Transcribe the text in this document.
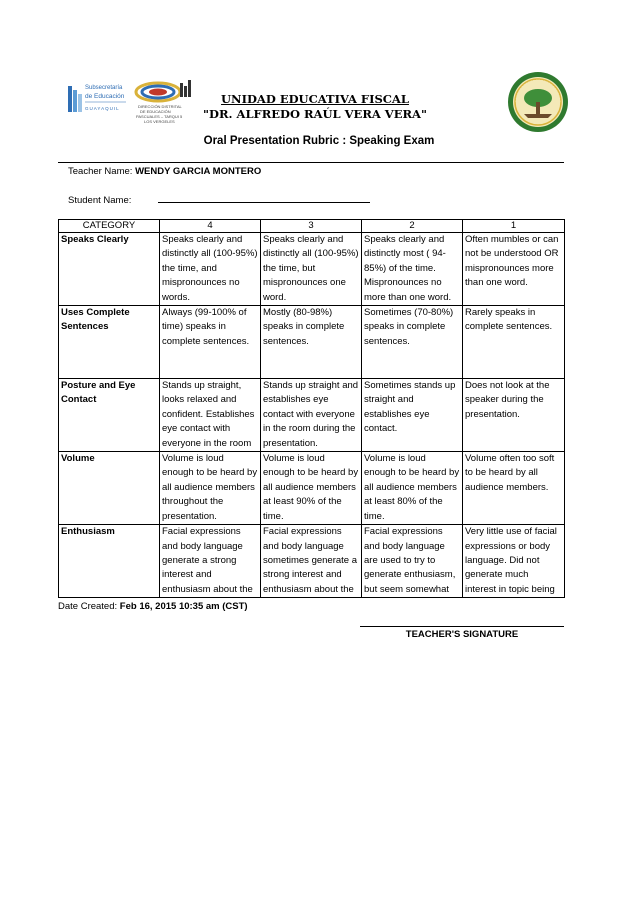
Subsecretaría
de Educación
GUAYAQUIL	DIRECCIÓN DISTRITAL
DE EDUCACIÓN
PASCUALES – TARQUI 5
LOS VERGELES
UNIDAD EDUCATIVA FISCAL
"DR. ALFREDO RAÚL VERA VERA"
Oral Presentation Rubric : Speaking Exam
Teacher Name: WENDY GARCIA MONTERO
Student Name:
CATEGORY	4	3	2	1

Speaks Clearly	Speaks clearly and distinctly all (100-95%) the time, and mispronounces no words.	Speaks clearly and distinctly all (100-95%) the time, but mispronounces one word.	Speaks clearly and distinctly most ( 94-85%) of the time. Mispronounces no more than one word.	Often mumbles or can not be understood OR mispronounces more than one word.

Uses Complete Sentences	Always (99-100% of time) speaks in complete sentences.	Mostly (80-98%) speaks in complete sentences.	Sometimes (70-80%) speaks in complete sentences.	Rarely speaks in complete sentences.

Posture and Eye Contact	Stands up straight, looks relaxed and confident. Establishes eye contact with everyone in the room	Stands up straight and establishes eye contact with everyone in the room during the presentation.	Sometimes stands up straight and establishes eye contact.	Does not look at the speaker during the presentation.

Volume	Volume is loud enough to be heard by all audience members throughout the presentation.	Volume is loud enough to be heard by all audience members at least 90% of the time.	Volume is loud enough to be heard by all audience members at least 80% of the time.	Volume often too soft to be heard by all audience members.

Enthusiasm	Facial expressions and body language generate a strong interest and enthusiasm about the	Facial expressions and body language sometimes generate a strong interest and enthusiasm about the	Facial expressions and body language are used to try to generate enthusiasm, but seem somewhat	Very little use of facial expressions or body language. Did not generate much interest in topic being
Date Created: Feb 16, 2015 10:35 am (CST)
TEACHER'S SIGNATURE
